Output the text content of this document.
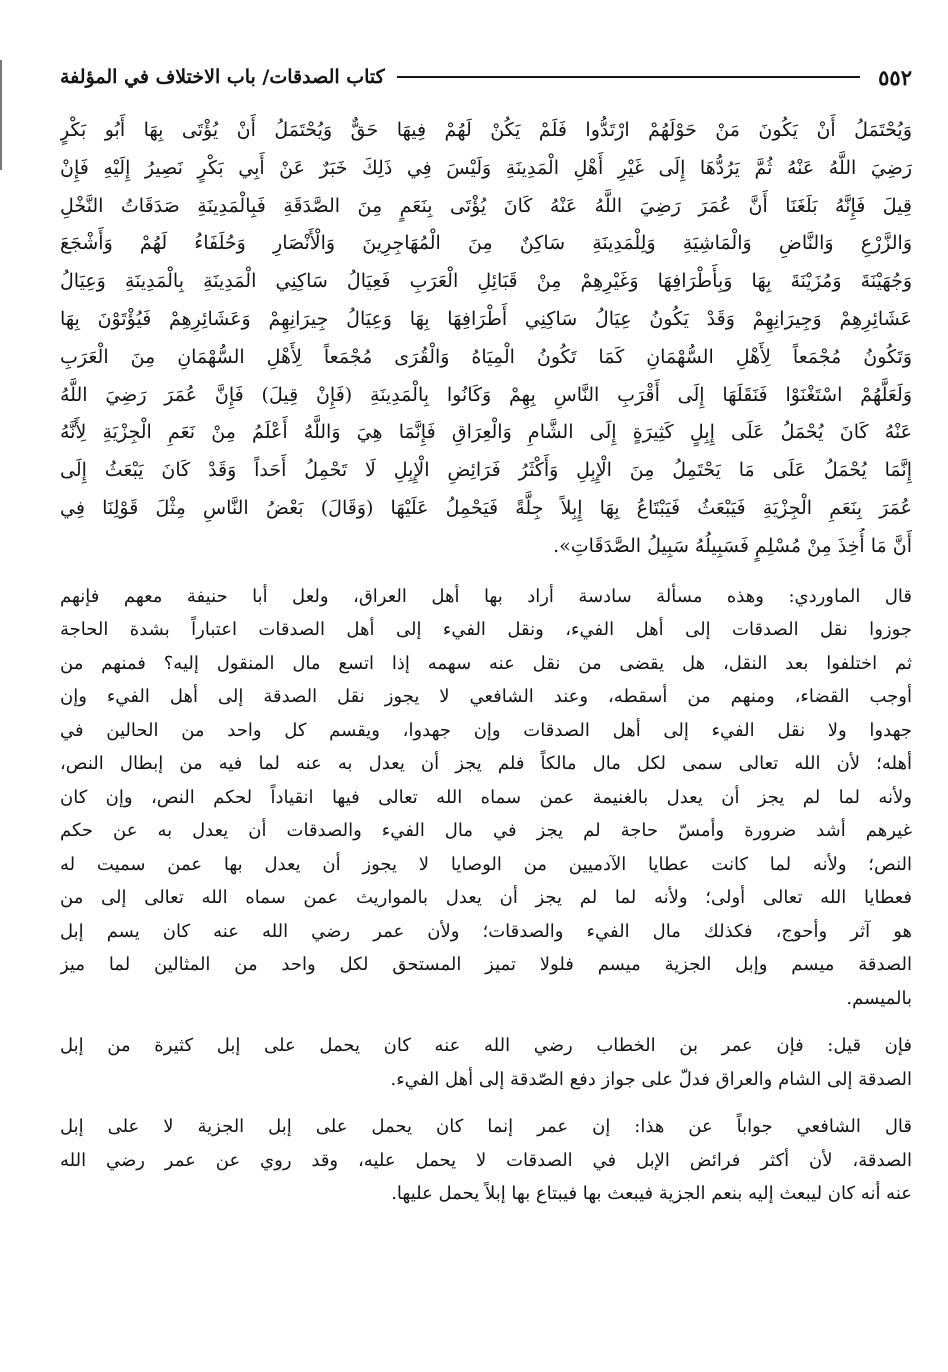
٥٥٢
كتاب الصدقات/ باب الاختلاف في المؤلفة
وَيُحْتَمَلُ أَنْ يَكُونَ مَنْ حَوْلَهُمْ ارْتَدُّوا فَلَمْ يَكُنْ لَهُمْ فِيهَا حَقٌّ وَيُحْتَمَلُ أَنْ يُؤْتَى بِهَا أَبُو بَكْرٍ
رَضِيَ اللَّهُ عَنْهُ ثُمَّ يَرُدُّهَا إِلَى غَيْرِ أَهْلِ الْمَدِينَةِ وَلَيْسَ فِي ذَلِكَ خَبَرٌ عَنْ أَبِي بَكْرٍ نَصِيرُ إِلَيْهِ فَإِنْ
قِيلَ فَإِنَّهُ بَلَغَنَا أَنَّ عُمَرَ رَضِيَ اللَّهُ عَنْهُ كَانَ يُؤْتَى بِنَعَمٍ مِنَ الصَّدَقَةِ فَبِالْمَدِينَةِ صَدَقَاتُ النَّخْلِ
وَالزَّرْعِ وَالنَّاضِ وَالْمَاشِيَةِ وَلِلْمَدِينَةِ سَاكِنٌ مِنَ الْمُهَاجِرِينَ وَالْأَنْصَارِ وَحُلَفَاءُ لَهُمْ وَأَشْجَعَ
وَجُهَيْنَةَ وَمُزَيْنَةَ بِهَا وَبِأَطْرَافِهَا وَغَيْرِهِمْ مِنْ قَبَائِلِ الْعَرَبِ فَعِيَالُ سَاكِنِي الْمَدِينَةِ بِالْمَدِينَةِ وَعِيَالُ
عَشَائِرِهِمْ وَجِيرَانِهِمْ وَقَدْ يَكُونُ عِيَالُ سَاكِنِي أَطْرَافِهَا بِهَا وَعِيَالُ جِيرَانِهِمْ وَعَشَائِرِهِمْ فَيُؤْتَوْنَ بِهَا
وَتَكُونُ مُجْمَعاً لِأَهْلِ السُّهْمَانِ كَمَا تَكُونُ الْمِيَاهُ وَالْقُرَى مُجْمَعاً لِأَهْلِ السُّهْمَانِ مِنَ الْعَرَبِ
وَلَعَلَّهُمْ اسْتَغْنَوْا فَنَقَلَهَا إِلَى أَقْرَبِ النَّاسِ بِهِمْ وَكَانُوا بِالْمَدِينَةِ (فَإِنْ قِيلَ) فَإِنَّ عُمَرَ رَضِيَ اللَّهُ
عَنْهُ كَانَ يُحْمَلُ عَلَى إِبِلٍ كَثِيرَةٍ إِلَى الشَّامِ وَالْعِرَاقِ فَإِنَّمَا هِيَ وَاللَّهُ أَعْلَمُ مِنْ نَعَمِ الْجِزْيَةِ لِأَنَّهُ
إِنَّمَا يُحْمَلُ عَلَى مَا يَحْتَمِلُ مِنَ الْإِبِلِ وَأَكْثَرُ فَرَائِضِ الْإِبِلِ لَا تَحْمِلُ أَحَداً وَقَدْ كَانَ يَبْعَثُ إِلَى
عُمَرَ بِنَعَمِ الْجِزْيَةِ فَيَبْعَثُ فَيَبْتَاعُ بِهَا إِبِلاً جِلَّةً فَيَحْمِلُ عَلَيْهَا (وَقَالَ) بَعْضُ النَّاسِ مِثْلَ قَوْلِنَا فِي
أَنَّ مَا أُخِذَ مِنْ مُسْلِمٍ فَسَبِيلُهُ سَبِيلُ الصَّدَقَاتِ».
قال الماوردي: وهذه مسألة سادسة أراد بها أهل العراق، ولعل أبا حنيفة معهم فإنهم
جوزوا نقل الصدقات إلى أهل الفيء، ونقل الفيء إلى أهل الصدقات اعتباراً بشدة الحاجة
ثم اختلفوا بعد النقل، هل يقضى من نقل عنه سهمه إذا اتسع مال المنقول إليه؟ فمنهم من
أوجب القضاء، ومنهم من أسقطه، وعند الشافعي لا يجوز نقل الصدقة إلى أهل الفيء وإن
جهدوا ولا نقل الفيء إلى أهل الصدقات وإن جهدوا، ويقسم كل واحد من الحالين في
أهله؛ لأن الله تعالى سمى لكل مال مالكاً فلم يجز أن يعدل به عنه لما فيه من إبطال النص،
ولأنه لما لم يجز أن يعدل بالغنيمة عمن سماه الله تعالى فيها انقياداً لحكم النص، وإن كان
غيرهم أشد ضرورة وأمسّ حاجة لم يجز في مال الفيء والصدقات أن يعدل به عن حكم
النص؛ ولأنه لما كانت عطايا الآدميين من الوصايا لا يجوز أن يعدل بها عمن سميت له
فعطايا الله تعالى أولى؛ ولأنه لما لم يجز أن يعدل بالمواريث عمن سماه الله تعالى إلى من
هو آثر وأحوج، فكذلك مال الفيء والصدقات؛ ولأن عمر رضي الله عنه كان يسم إبل
الصدقة ميسم وإبل الجزية ميسم فلولا تميز المستحق لكل واحد من المثالين لما ميز
بالميسم.
فإن قيل: فإن عمر بن الخطاب رضي الله عنه كان يحمل على إبل كثيرة من إبل
الصدقة إلى الشام والعراق فدلّ على جواز دفع الصّدقة إلى أهل الفيء.
قال الشافعي جواباً عن هذا: إن عمر إنما كان يحمل على إبل الجزية لا على إبل
الصدقة، لأن أكثر فرائض الإبل في الصدقات لا يحمل عليه، وقد روي عن عمر رضي الله
عنه أنه كان ليبعث إليه بنعم الجزية فيبعث بها فيبتاع بها إبلاً يحمل عليها.
